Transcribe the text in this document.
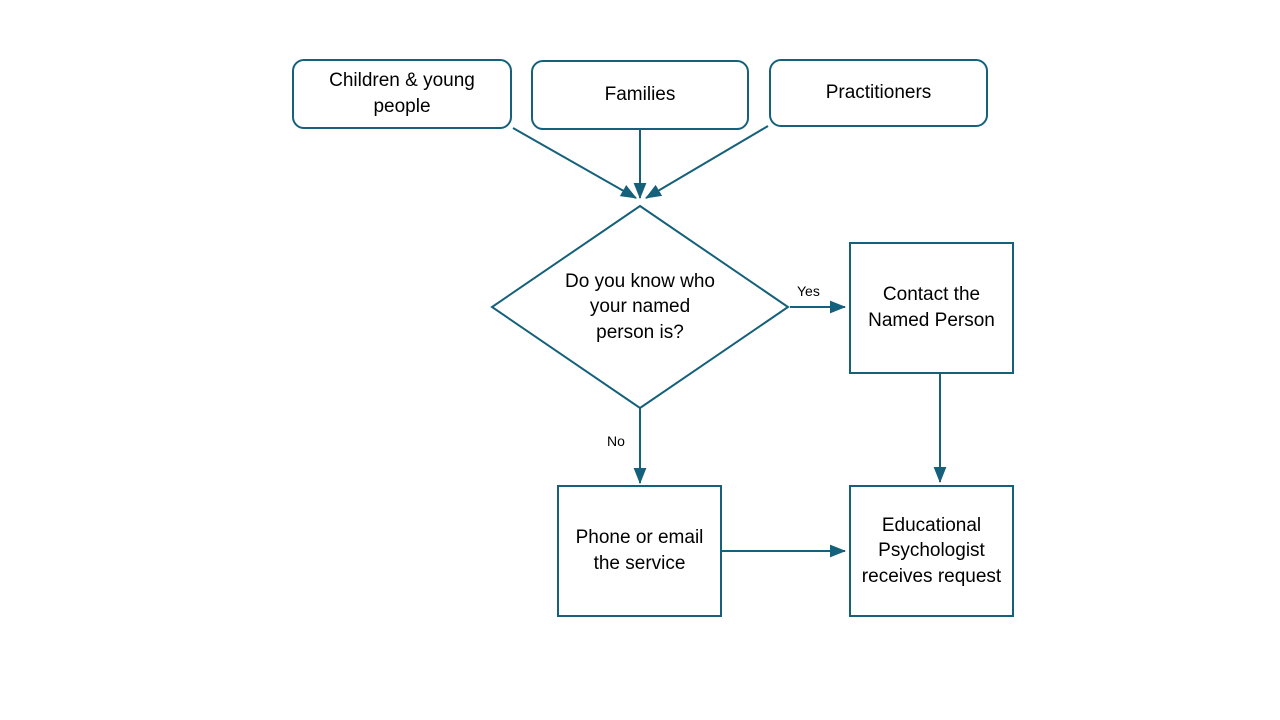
Children & young people
Families	Practitioners
Do you know who your named person is?
Contact the Named Person
Phone or email the service
Educational Psychologist receives request
Yes
No
